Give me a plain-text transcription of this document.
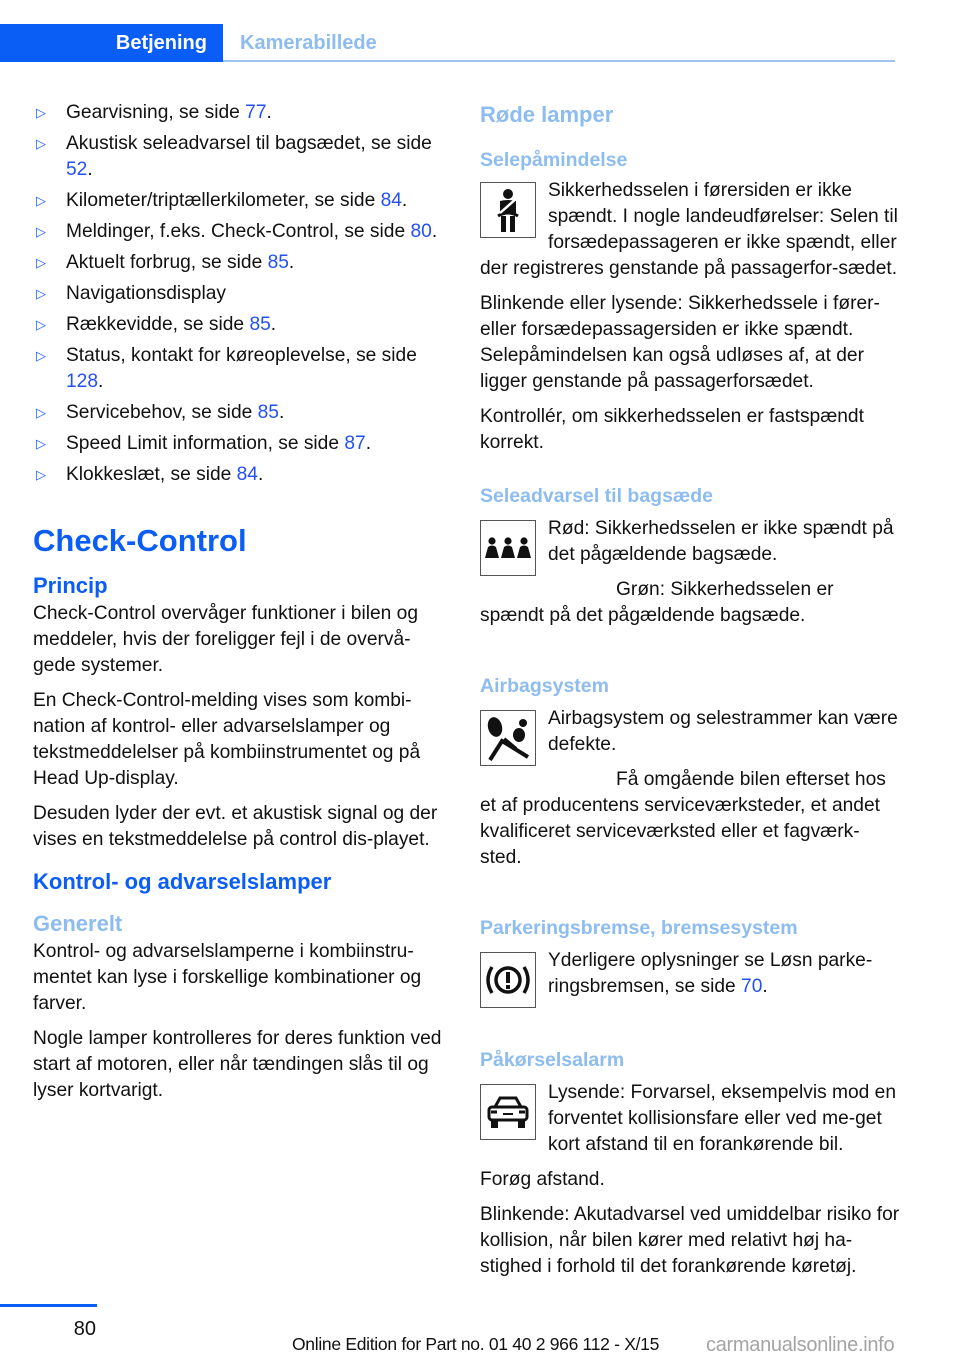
Betjening	Kamerabillede
▷ Gearvisning, se side 77.
▷ Akustisk seleadvarsel til bagsædet, se side 52.
▷ Kilometer/triptællerkilometer, se side 84.
▷ Meldinger, f.eks. Check-Control, se side 80.
▷ Aktuelt forbrug, se side 85.
▷ Navigationsdisplay
▷ Rækkevidde, se side 85.
▷ Status, kontakt for køreoplevelse, se side 128.
▷ Servicebehov, se side 85.
▷ Speed Limit information, se side 87.
▷ Klokkeslæt, se side 84.
Check-Control
Princip

Check-Control overvåger funktioner i bilen og meddeler, hvis der foreligger fejl i de overvå-gede systemer.

En Check-Control-melding vises som kombi-nation af kontrol- eller advarselslamper og tekstmeddelelser på kombiinstrumentet og på Head Up-display.

Desuden lyder der evt. et akustisk signal og der vises en tekstmeddelelse på control dis-playet.

Kontrol- og advarselslamper
Generelt

Kontrol- og advarselslamperne i kombiinstru-mentet kan lyse i forskellige kombinationer og farver.

Nogle lamper kontrolleres for deres funktion ved start af motoren, eller når tændingen slås til og lyser kortvarigt.

Røde lamper
Selepåmindelse

Sikkerhedsselen i førersiden er ikke spændt. I nogle landeudførelser: Selen til forsædepassageren er ikke spændt, eller der registreres genstande på passagerfor-sædet.

Blinkende eller lysende: Sikkerhedssele i fører- eller forsædepassagersiden er ikke spændt. Selepåmindelsen kan også udløses af, at der ligger genstande på passagerforsædet.

Kontrollér, om sikkerhedsselen er fastspændt korrekt.

Seleadvarsel til bagsæde

Rød: Sikkerhedsselen er ikke spændt på det pågældende bagsæde.

Grøn: Sikkerhedsselen er spændt på det pågældende bagsæde.

Airbagsystem

Airbagsystem og selestrammer kan være defekte.

Få omgående bilen efterset hos et af producentens serviceværksteder, et andet kvalificeret serviceværksted eller et fagværk-sted.

Parkeringsbremse, bremsesystem

Yderligere oplysninger se Løsn parke-ringsbremsen, se side 70.

Påkørselsalarm

Lysende: Forvarsel, eksempelvis mod en forventet kollisionsfare eller ved me-get kort afstand til en forankørende bil.

Forøg afstand.

Blinkende: Akutadvarsel ved umiddelbar risiko for kollision, når bilen kører med relativt høj ha-stighed i forhold til det forankørende køretøj.

80
Online Edition for Part no. 01 40 2 966 112 - X/15 carmanualsonline.info
